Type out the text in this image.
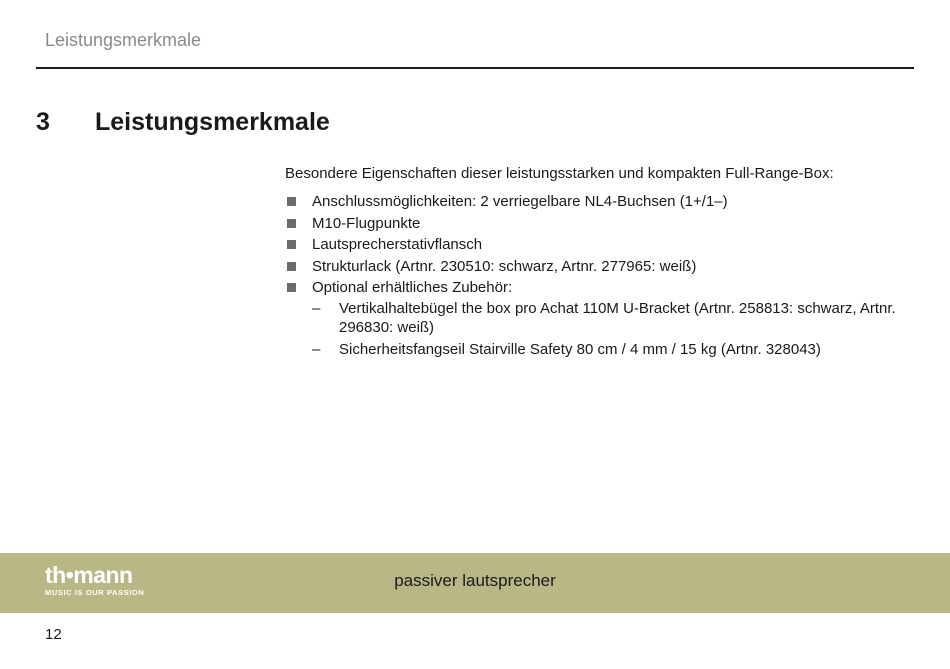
Leistungsmerkmale
3 Leistungsmerkmale

Besondere Eigenschaften dieser leistungsstarken und kompakten Full-Range-Box:

Anschlussmöglichkeiten: 2 verriegelbare NL4-Buchsen (1+/1–)
M10-Flugpunkte
Lautsprecherstativflansch
Strukturlack (Artnr. 230510: schwarz, Artnr. 277965: weiß)
Optional erhältliches Zubehör:
– Vertikalhaltebügel the box pro Achat 110M U-Bracket (Artnr. 258813: schwarz, Artnr. 296830: weiß)
– Sicherheitsfangseil Stairville Safety 80 cm / 4 mm / 15 kg (Artnr. 328043)
th•mann
MUSIC IS OUR PASSION
passiver lautsprecher
12
